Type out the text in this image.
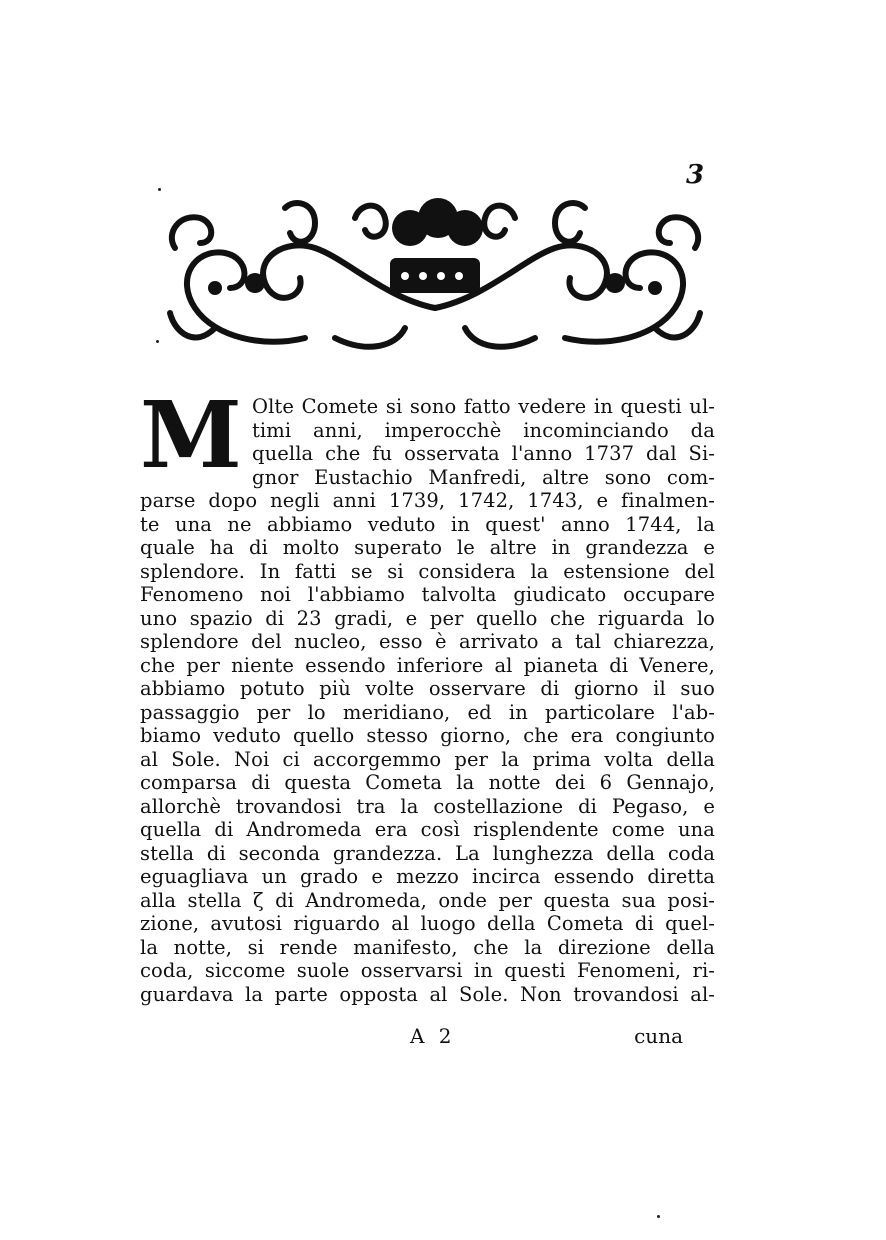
3
M Olte Comete si sono fatto vedere in questi ul-
timi anni, imperocchè incominciando da
quella che fu osservata l'anno 1737 dal Si-
gnor Eustachio Manfredi, altre sono com-
parse dopo negli anni 1739, 1742, 1743, e finalmen-
te una ne abbiamo veduto in quest' anno 1744, la
quale ha di molto superato le altre in grandezza e
splendore. In fatti se si considera la estensione del
Fenomeno noi l'abbiamo talvolta giudicato occupare
uno spazio di 23 gradi, e per quello che riguarda lo
splendore del nucleo, esso è arrivato a tal chiarezza,
che per niente essendo inferiore al pianeta di Venere,
abbiamo potuto più volte osservare di giorno il suo
passaggio per lo meridiano, ed in particolare l'ab-
biamo veduto quello stesso giorno, che era congiunto
al Sole. Noi ci accorgemmo per la prima volta della
comparsa di questa Cometa la notte dei 6 Gennajo,
allorchè trovandosi tra la costellazione di Pegaso, e
quella di Andromeda era così risplendente come una
stella di seconda grandezza. La lunghezza della coda
eguagliava un grado e mezzo incirca essendo diretta
alla stella ζ di Andromeda, onde per questa sua posi-
zione, avutosi riguardo al luogo della Cometa di quel-
la notte, si rende manifesto, che la direzione della
coda, siccome suole osservarsi in questi Fenomeni, ri-
guardava la parte opposta al Sole. Non trovandosi al-
A 2	cuna
